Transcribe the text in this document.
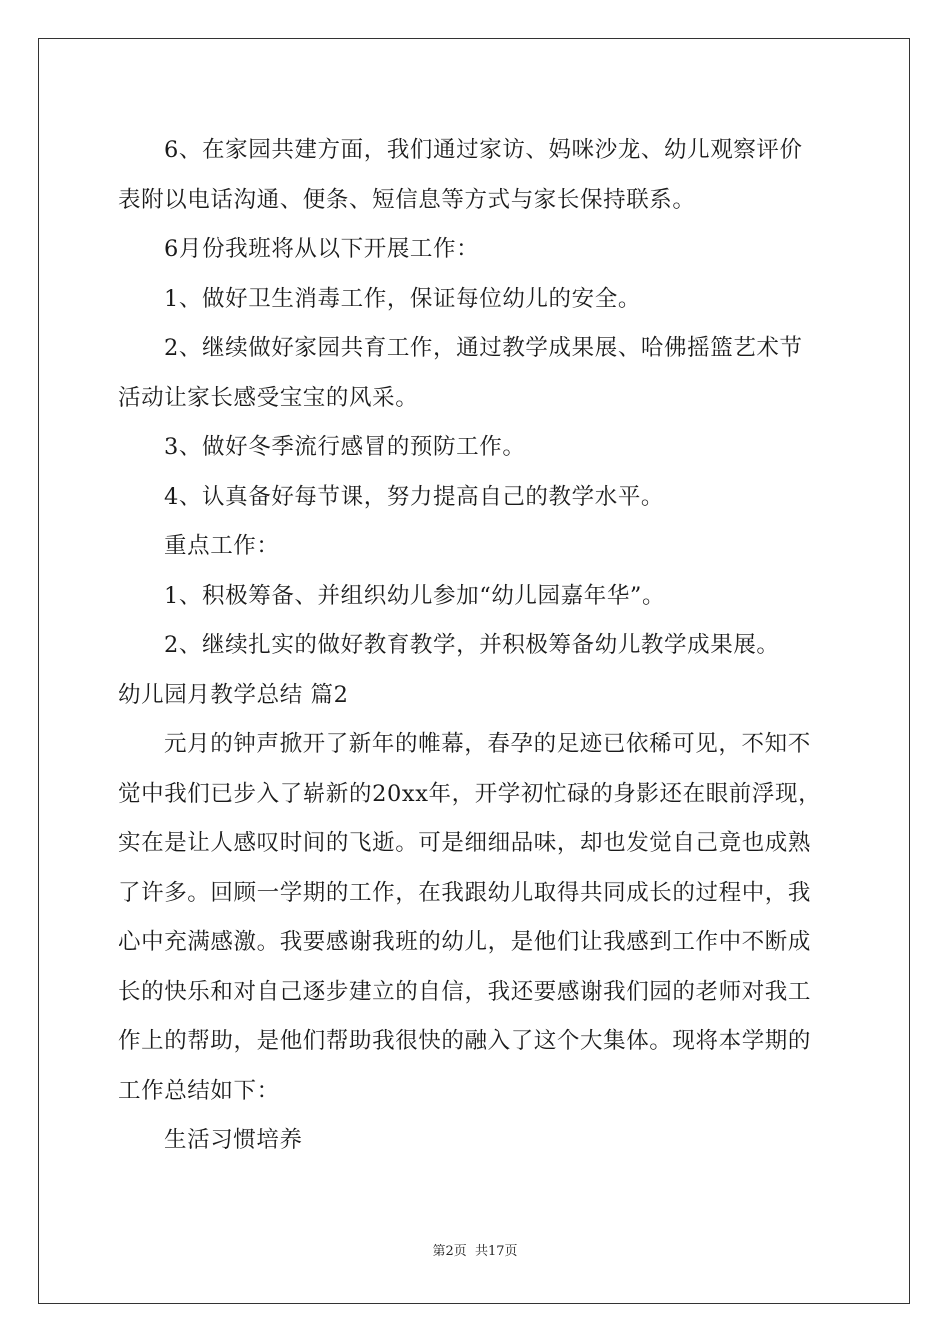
6、在家园共建方面，我们通过家访、妈咪沙龙、幼儿观察评价
表附以电话沟通、便条、短信息等方式与家长保持联系。
6月份我班将从以下开展工作：
1、做好卫生消毒工作，保证每位幼儿的安全。
2、继续做好家园共育工作，通过教学成果展、哈佛摇篮艺术节
活动让家长感受宝宝的风采。
3、做好冬季流行感冒的预防工作。
4、认真备好每节课，努力提高自己的教学水平。
重点工作：
1、积极筹备、并组织幼儿参加“幼儿园嘉年华”。
2、继续扎实的做好教育教学，并积极筹备幼儿教学成果展。
幼儿园月教学总结 篇2
元月的钟声掀开了新年的帷幕，春孕的足迹已依稀可见，不知不
觉中我们已步入了崭新的20xx年，开学初忙碌的身影还在眼前浮现，
实在是让人感叹时间的飞逝。可是细细品味，却也发觉自己竟也成熟
了许多。回顾一学期的工作，在我跟幼儿取得共同成长的过程中，我
心中充满感激。我要感谢我班的幼儿，是他们让我感到工作中不断成
长的快乐和对自己逐步建立的自信，我还要感谢我们园的老师对我工
作上的帮助，是他们帮助我很快的融入了这个大集体。现将本学期的
工作总结如下：
生活习惯培养
第2页 共17页
